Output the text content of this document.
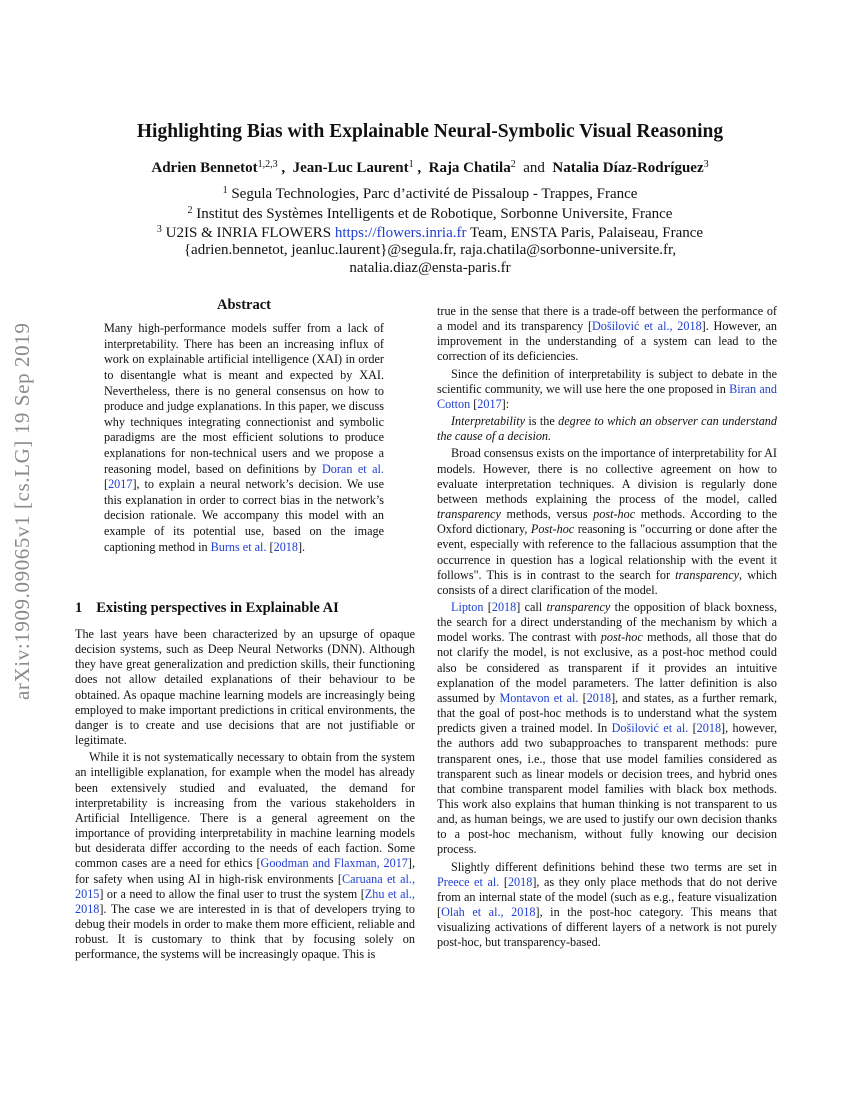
arXiv:1909.09065v1 [cs.LG] 19 Sep 2019
Highlighting Bias with Explainable Neural-Symbolic Visual Reasoning
Adrien Bennetot$^{1,2,3}$ , Jean-Luc Laurent$^1$ , Raja Chatila$^2$ and Natalia Díaz-Rodríguez$^3$
$^1$ Segula Technologies, Parc d’activité de Pissaloup - Trappes, France
$^2$ Institut des Systèmes Intelligents et de Robotique, Sorbonne Universite, France
$^3$ U2IS & INRIA FLOWERS https://flowers.inria.fr Team, ENSTA Paris, Palaiseau, France
{adrien.bennetot, jeanluc.laurent}@segula.fr, raja.chatila@sorbonne-universite.fr,
natalia.diaz@ensta-paris.fr

Abstract

Many high-performance models suffer from a lack of interpretability. There has been an increasing influx of work on explainable artificial intelligence (XAI) in order to disentangle what is meant and expected by XAI. Nevertheless, there is no general consensus on how to produce and judge explanations. In this paper, we discuss why techniques integrating connectionist and symbolic paradigms are the most efficient solutions to produce explanations for non-technical users and we propose a reasoning model, based on definitions by Doran et al. [2017], to explain a neural network’s decision. We use this explanation in order to correct bias in the network’s decision rationale. We accompany this model with an example of its potential use, based on the image captioning method in Burns et al. [2018].

1 Existing perspectives in Explainable AI

The last years have been characterized by an upsurge of opaque decision systems, such as Deep Neural Networks (DNN). Although they have great generalization and prediction skills, their functioning does not allow detailed explanations of their behaviour to be obtained. As opaque machine learning models are increasingly being employed to make important predictions in critical environments, the danger is to create and use decisions that are not justifiable or legitimate.

While it is not systematically necessary to obtain from the system an intelligible explanation, for example when the model has already been extensively studied and evaluated, the demand for interpretability is increasing from the various stakeholders in Artificial Intelligence. There is a general agreement on the importance of providing interpretability in machine learning models but desiderata differ according to the needs of each faction. Some common cases are a need for ethics [Goodman and Flaxman, 2017], for safety when using AI in high-risk environments [Caruana et al., 2015] or a need to allow the final user to trust the system [Zhu et al., 2018]. The case we are interested in is that of developers trying to debug their models in order to make them more efficient, reliable and robust. It is customary to think that by focusing solely on performance, the systems will be increasingly opaque. This is

true in the sense that there is a trade-off between the performance of a model and its transparency [Došilović et al., 2018]. However, an improvement in the understanding of a system can lead to the correction of its deficiencies.

Since the definition of interpretability is subject to debate in the scientific community, we will use here the one proposed in Biran and Cotton [2017]:

Interpretability is the degree to which an observer can understand the cause of a decision.

Broad consensus exists on the importance of interpretability for AI models. However, there is no collective agreement on how to evaluate interpretation techniques. A division is regularly done between methods explaining the process of the model, called transparency methods, versus post-hoc methods. According to the Oxford dictionary, Post-hoc reasoning is "occurring or done after the event, especially with reference to the fallacious assumption that the occurrence in question has a logical relationship with the event it follows". This is in contrast to the search for transparency, which consists of a direct clarification of the model.

Lipton [2018] call transparency the opposition of black boxness, the search for a direct understanding of the mechanism by which a model works. The contrast with post-hoc methods, all those that do not clarify the model, is not exclusive, as a post-hoc method could also be considered as transparent if it provides an intuitive explanation of the model parameters. The latter definition is also assumed by Montavon et al. [2018], and states, as a further remark, that the goal of post-hoc methods is to understand what the system predicts given a trained model. In Došilović et al. [2018], however, the authors add two subapproaches to transparent methods: pure transparent ones, i.e., those that use model families considered as transparent such as linear models or decision trees, and hybrid ones that combine transparent model families with black box methods. This work also explains that human thinking is not transparent to us and, as human beings, we are used to justify our own decision thanks to a post-hoc mechanism, without fully knowing our decision process.

Slightly different definitions behind these two terms are set in Preece et al. [2018], as they only place methods that do not derive from an internal state of the model (such as e.g., feature visualization [Olah et al., 2018], in the post-hoc category. This means that visualizing activations of different layers of a network is not purely post-hoc, but transparency-based.
